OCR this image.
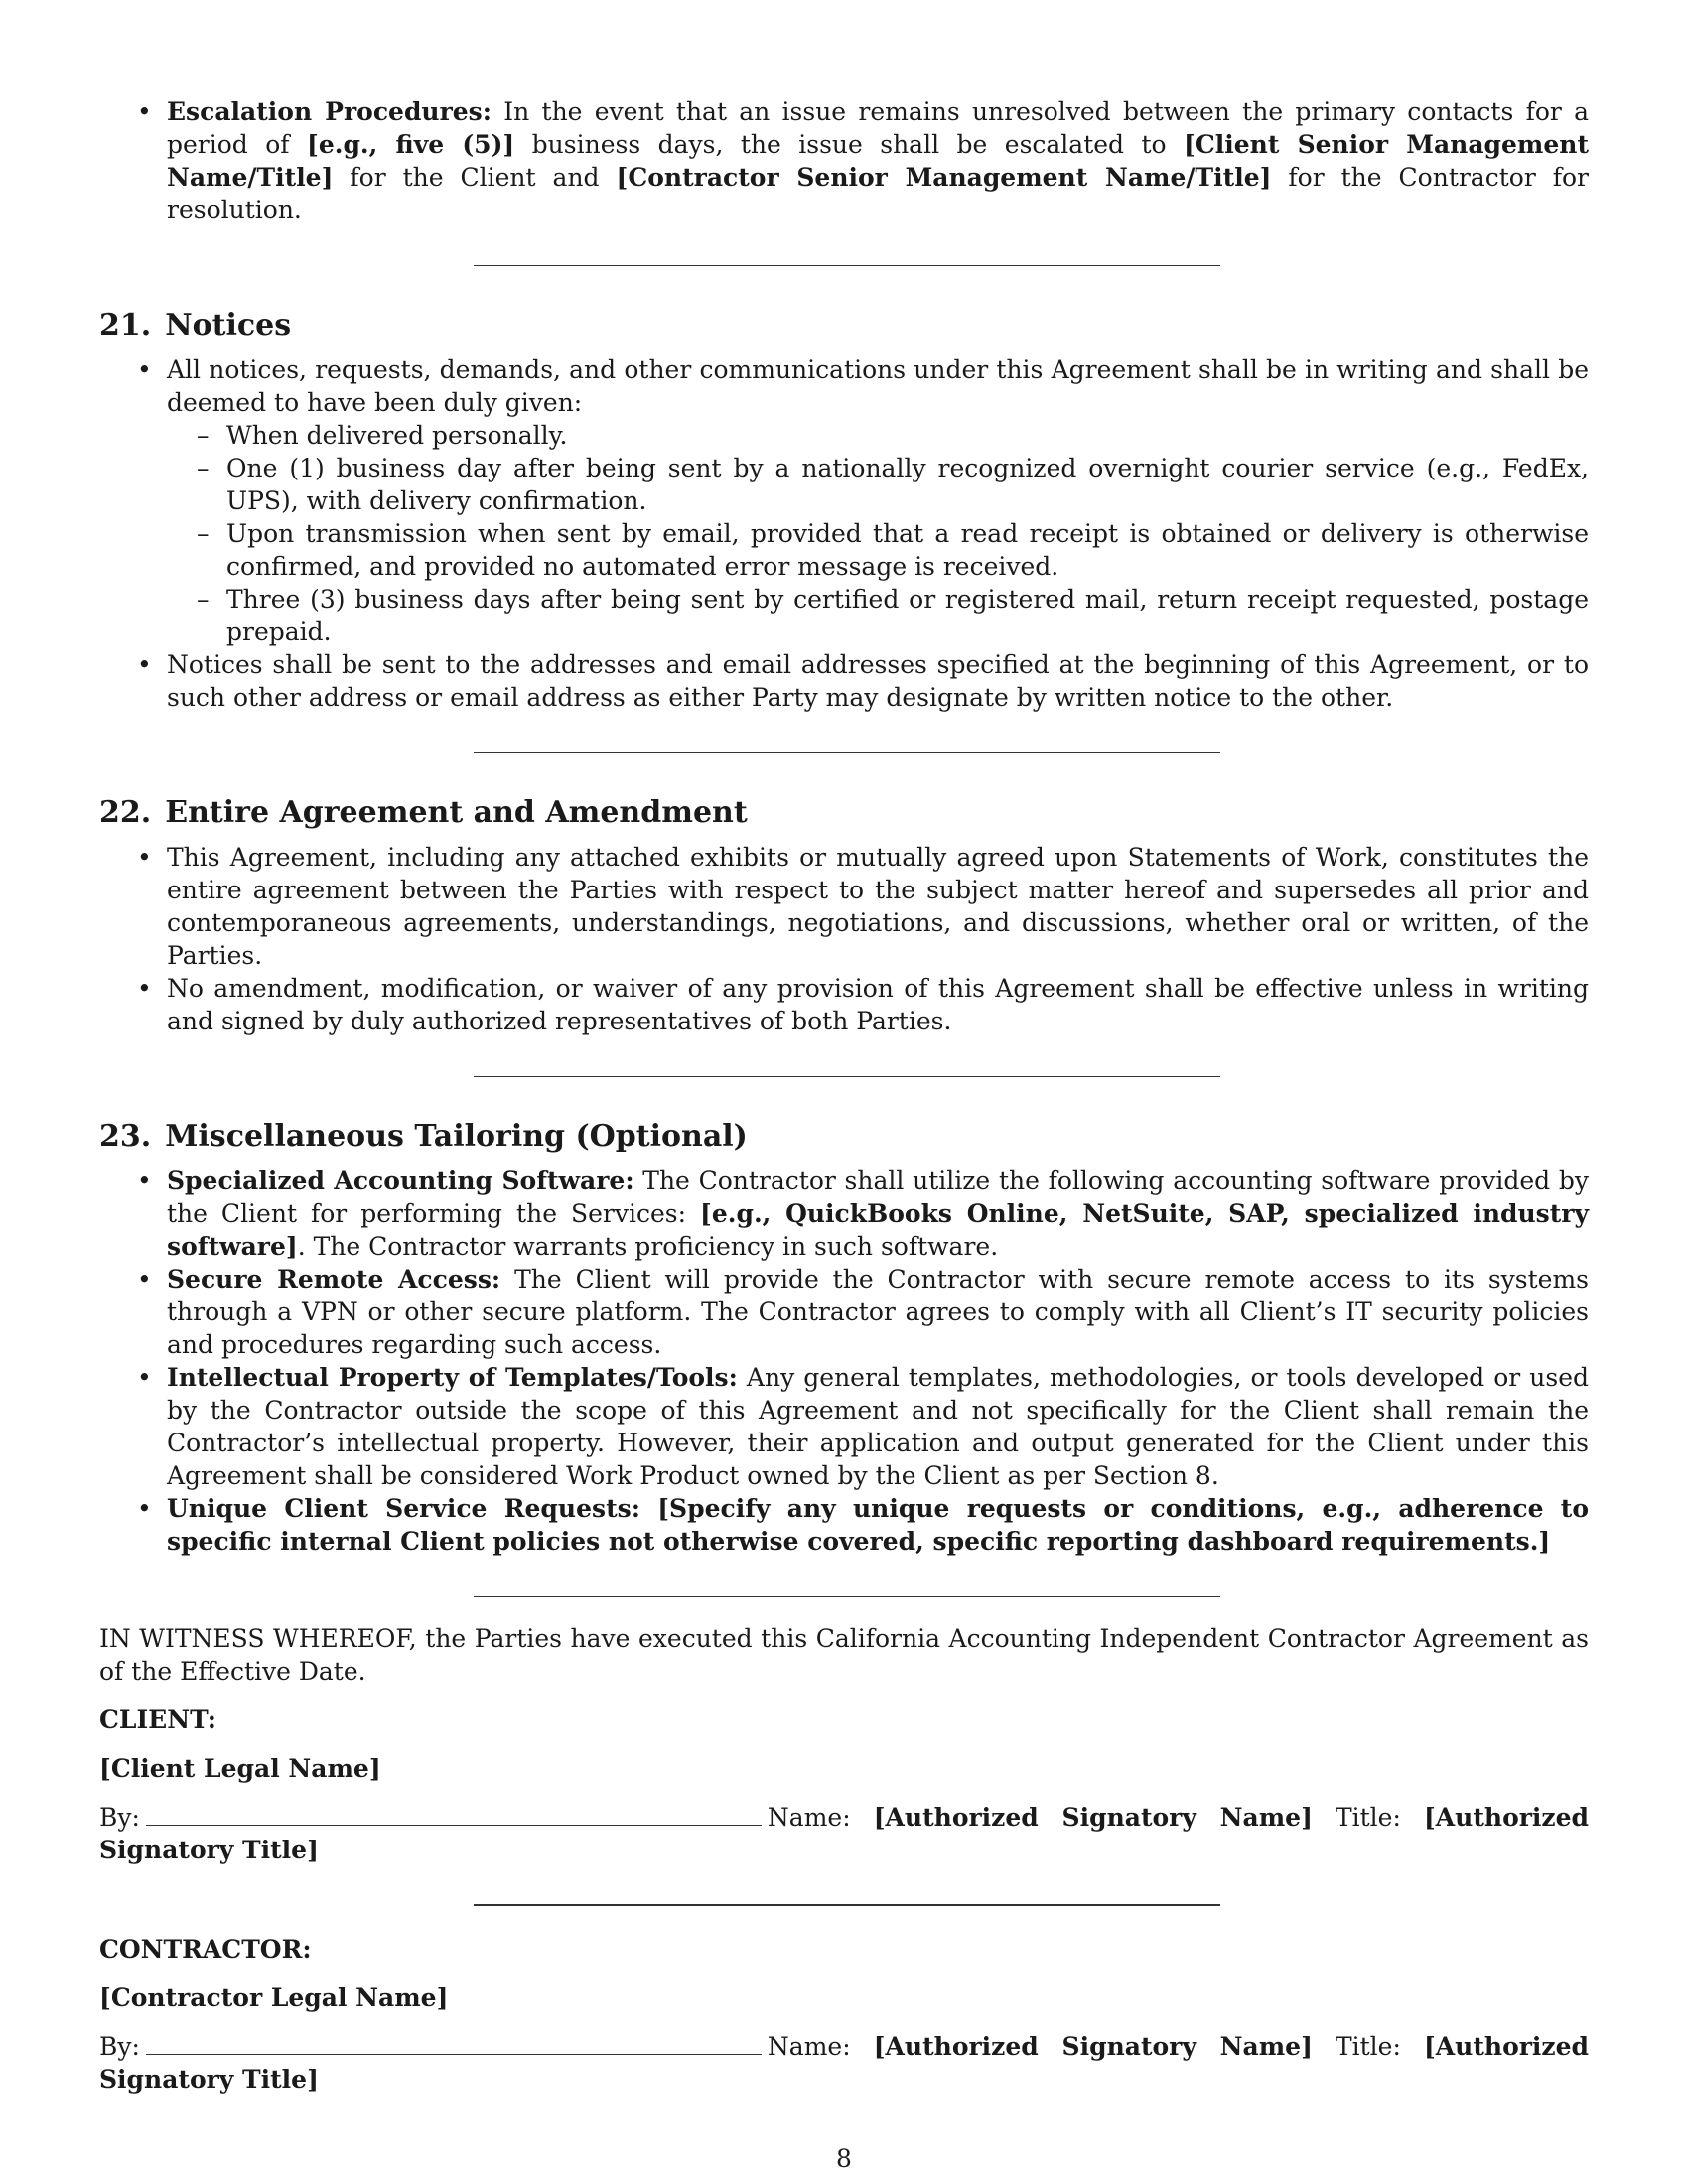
• Escalation Procedures: In the event that an issue remains unresolved between the primary contacts for a period of [e.g., five (5)] business days, the issue shall be escalated to [Client Senior Management Name/Title] for the Client and [Contractor Senior Management Name/Title] for the Contractor for resolution.
21. Notices
• All notices, requests, demands, and other communications under this Agreement shall be in writing and shall be deemed to have been duly given:
– When delivered personally.
– One (1) business day after being sent by a nationally recognized overnight courier service (e.g., FedEx, UPS), with delivery confirmation.
– Upon transmission when sent by email, provided that a read receipt is obtained or delivery is otherwise confirmed, and provided no automated error message is received.
– Three (3) business days after being sent by certified or registered mail, return receipt requested, postage prepaid.
• Notices shall be sent to the addresses and email addresses specified at the beginning of this Agreement, or to such other address or email address as either Party may designate by written notice to the other.
22. Entire Agreement and Amendment
• This Agreement, including any attached exhibits or mutually agreed upon Statements of Work, constitutes the entire agreement between the Parties with respect to the subject matter hereof and supersedes all prior and contemporaneous agreements, understandings, negotiations, and discussions, whether oral or written, of the Parties.
• No amendment, modification, or waiver of any provision of this Agreement shall be effective unless in writing and signed by duly authorized representatives of both Parties.
23. Miscellaneous Tailoring (Optional)
• Specialized Accounting Software: The Contractor shall utilize the following accounting software provided by the Client for performing the Services: [e.g., QuickBooks Online, NetSuite, SAP, specialized industry software]. The Contractor warrants proficiency in such software.
• Secure Remote Access: The Client will provide the Contractor with secure remote access to its systems through a VPN or other secure platform. The Contractor agrees to comply with all Client’s IT security policies and procedures regarding such access.
• Intellectual Property of Templates/Tools: Any general templates, methodologies, or tools developed or used by the Contractor outside the scope of this Agreement and not specifically for the Client shall remain the Contractor’s intellectual property. However, their application and output generated for the Client under this Agreement shall be considered Work Product owned by the Client as per Section 8.
• Unique Client Service Requests: [Specify any unique requests or conditions, e.g., adherence to specific internal Client policies not otherwise covered, specific reporting dashboard requirements.]

IN WITNESS WHEREOF, the Parties have executed this California Accounting Independent Contractor Agreement as of the Effective Date.

CLIENT:

[Client Legal Name]

By:	Name: [Authorized Signatory Name] Title: [Authorized Signatory Title]

CONTRACTOR:

[Contractor Legal Name]

By:	Name: [Authorized Signatory Name] Title: [Authorized Signatory Title]

8
